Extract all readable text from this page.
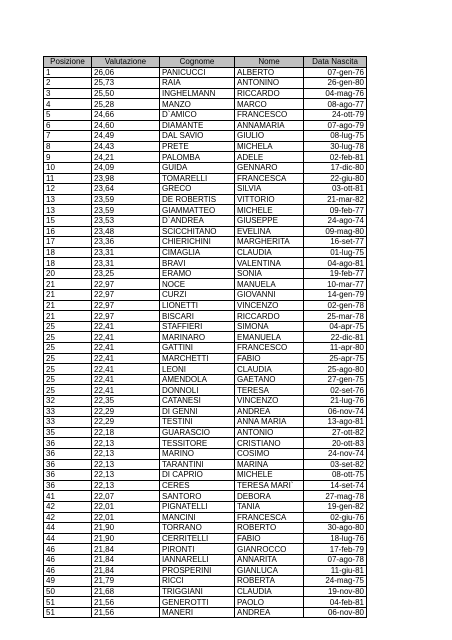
Posizione	Valutazione	Cognome	Nome	Data Nascita
1	26,06	PANICUCCI	ALBERTO	07-gen-76
2	25,73	RAIA	ANTONINO	26-gen-80
3	25,50	INGHELMANN	RICCARDO	04-mag-76
4	25,28	MANZO	MARCO	08-ago-77
5	24,66	D`AMICO	FRANCESCO	24-ott-79
6	24,60	DIAMANTE	ANNAMARIA	07-ago-79
7	24,49	DAL SAVIO	GIULIO	08-lug-75
8	24,43	PRETE	MICHELA	30-lug-78
9	24,21	PALOMBA	ADELE	02-feb-81
10	24,09	GUIDA	GENNARO	17-dic-80
11	23,98	TOMARELLI	FRANCESCA	22-giu-80
12	23,64	GRECO	SILVIA	03-ott-81
13	23,59	DE ROBERTIS	VITTORIO	21-mar-82
13	23,59	GIAMMATTEO	MICHELE	09-feb-77
15	23,53	D`ANDREA	GIUSEPPE	24-ago-74
16	23,48	SCICCHITANO	EVELINA	09-mag-80
17	23,36	CHIERICHINI	MARGHERITA	16-set-77
18	23,31	CIMAGLIA	CLAUDIA	01-lug-75
18	23,31	BRAVI	VALENTINA	04-ago-81
20	23,25	ERAMO	SONIA	19-feb-77
21	22,97	NOCE	MANUELA	10-mar-77
21	22,97	CURZI	GIOVANNI	14-gen-79
21	22,97	LIONETTI	VINCENZO	02-gen-78
21	22,97	BISCARI	RICCARDO	25-mar-78
25	22,41	STAFFIERI	SIMONA	04-apr-75
25	22,41	MARINARO	EMANUELA	22-dic-81
25	22,41	GATTINI	FRANCESCO	11-apr-80
25	22,41	MARCHETTI	FABIO	25-apr-75
25	22,41	LEONI	CLAUDIA	25-ago-80
25	22,41	AMENDOLA	GAETANO	27-gen-75
25	22,41	DONNOLI	TERESA	02-set-76
32	22,35	CATANESI	VINCENZO	21-lug-76
33	22,29	DI GENNI	ANDREA	06-nov-74
33	22,29	TESTINI	ANNA MARIA	13-ago-81
35	22,18	GUARASCIO	ANTONIO	27-ott-82
36	22,13	TESSITORE	CRISTIANO	20-ott-83
36	22,13	MARINO	COSIMO	24-nov-74
36	22,13	TARANTINI	MARINA	03-set-82
36	22,13	DI CAPRIO	MICHELE	08-ott-75
36	22,13	CERES	TERESA MARI`	14-set-74
41	22,07	SANTORO	DEBORA	27-mag-78
42	22,01	PIGNATELLI	TANIA	19-gen-82
42	22,01	MANCINI	FRANCESCA	02-giu-76
44	21,90	TORRANO	ROBERTO	30-ago-80
44	21,90	CERRITELLI	FABIO	18-lug-76
46	21,84	PIRONTI	GIANROCCO	17-feb-79
46	21,84	IANNARELLI	ANNARITA	07-ago-78
46	21,84	PROSPERINI	GIANLUCA	11-giu-81
49	21,79	RICCI	ROBERTA	24-mag-75
50	21,68	TRIGGIANI	CLAUDIA	19-nov-80
51	21,56	GENEROTTI	PAOLO	04-feb-81
51	21,56	MANERI	ANDREA	06-nov-80
